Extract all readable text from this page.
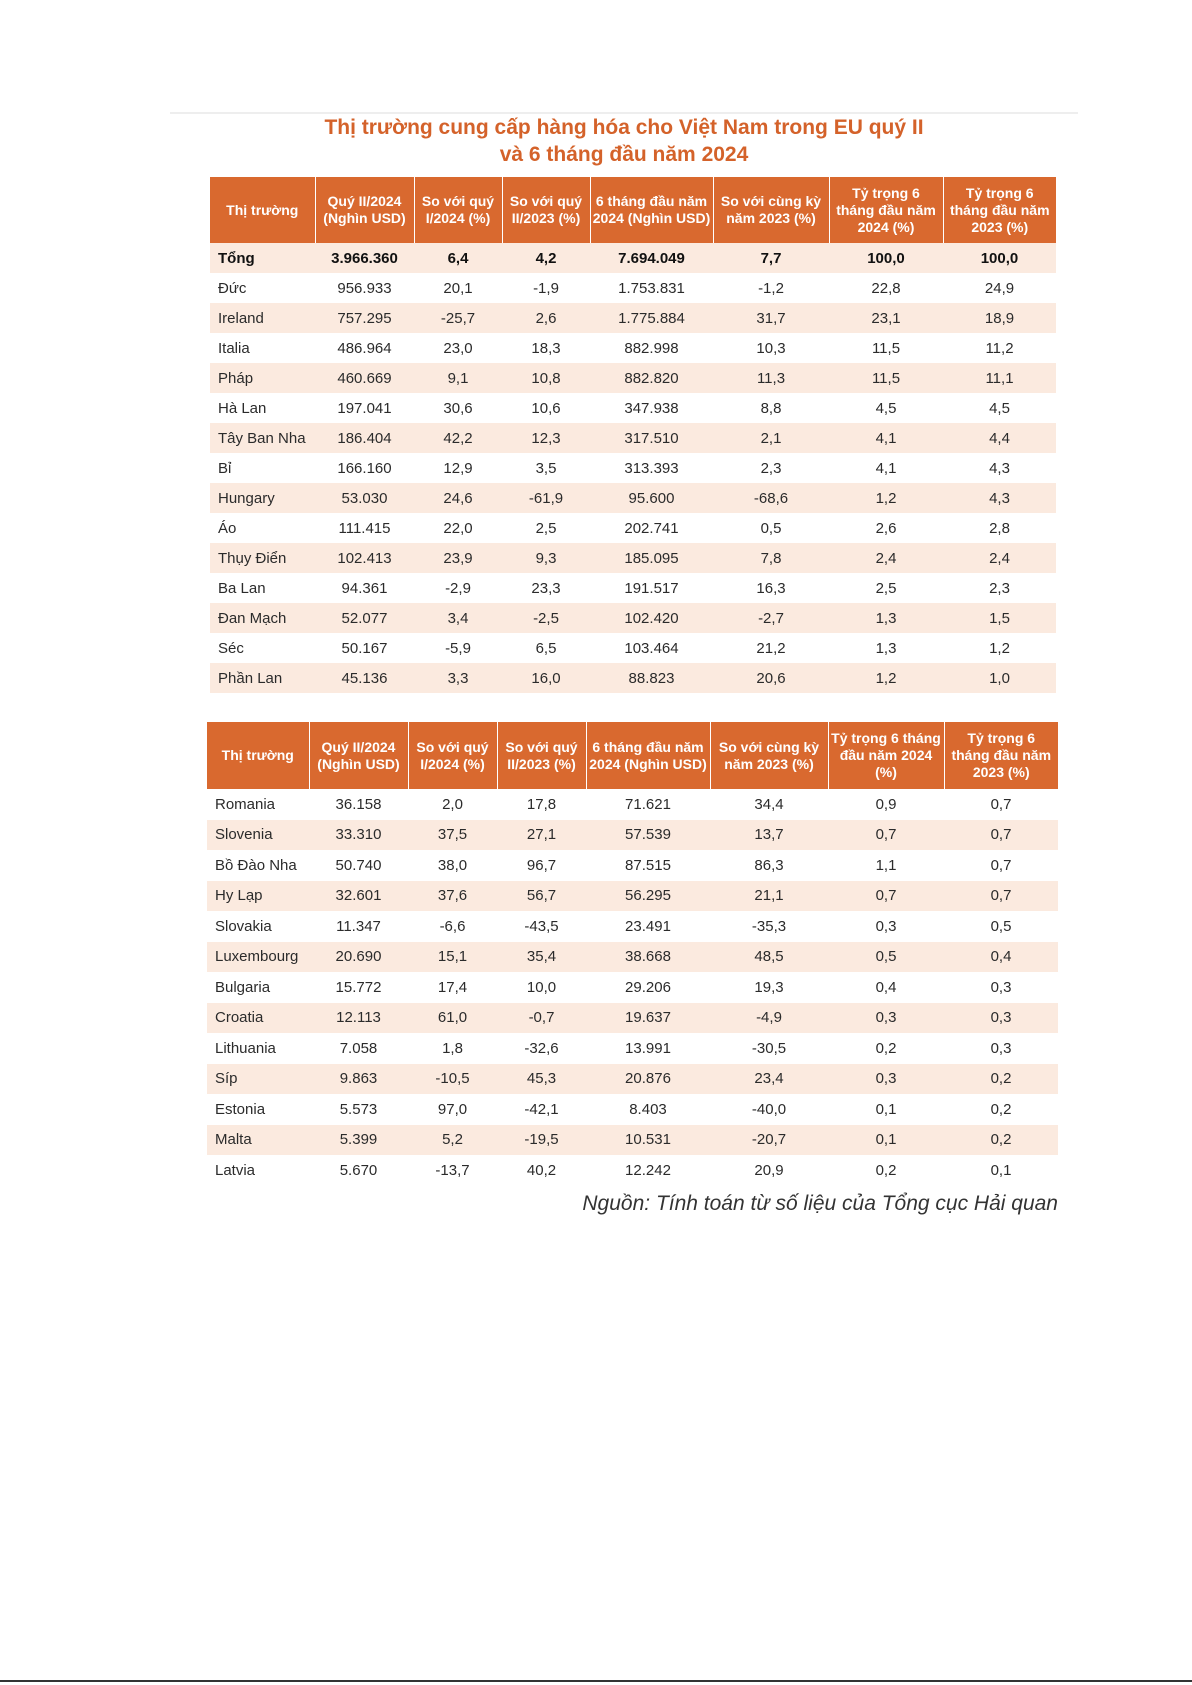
Thị trường cung cấp hàng hóa cho Việt Nam trong EU quý II
và 6 tháng đầu năm 2024
Thị trường	Quý II/2024 (Nghìn USD)	So với quý I/2024 (%)	So với quý II/2023 (%)	6 tháng đầu năm 2024 (Nghìn USD)	So với cùng kỳ năm 2023 (%)	Tỷ trọng 6 tháng đầu năm 2024 (%)	Tỷ trọng 6 tháng đầu năm 2023 (%)
Tổng	3.966.360	6,4	4,2	7.694.049	7,7	100,0	100,0
Đức	956.933	20,1	-1,9	1.753.831	-1,2	22,8	24,9
Ireland	757.295	-25,7	2,6	1.775.884	31,7	23,1	18,9
Italia	486.964	23,0	18,3	882.998	10,3	11,5	11,2
Pháp	460.669	9,1	10,8	882.820	11,3	11,5	11,1
Hà Lan	197.041	30,6	10,6	347.938	8,8	4,5	4,5
Tây Ban Nha	186.404	42,2	12,3	317.510	2,1	4,1	4,4
Bỉ	166.160	12,9	3,5	313.393	2,3	4,1	4,3
Hungary	53.030	24,6	-61,9	95.600	-68,6	1,2	4,3
Áo	111.415	22,0	2,5	202.741	0,5	2,6	2,8
Thụy Điển	102.413	23,9	9,3	185.095	7,8	2,4	2,4
Ba Lan	94.361	-2,9	23,3	191.517	16,3	2,5	2,3
Đan Mạch	52.077	3,4	-2,5	102.420	-2,7	1,3	1,5
Séc	50.167	-5,9	6,5	103.464	21,2	1,3	1,2
Phần Lan	45.136	3,3	16,0	88.823	20,6	1,2	1,0
Thị trường	Quý II/2024 (Nghìn USD)	So với quý I/2024 (%)	So với quý II/2023 (%)	6 tháng đầu năm 2024 (Nghìn USD)	So với cùng kỳ năm 2023 (%)	Tỷ trọng 6 tháng đầu năm 2024 (%)	Tỷ trọng 6 tháng đầu năm 2023 (%)
Romania	36.158	2,0	17,8	71.621	34,4	0,9	0,7
Slovenia	33.310	37,5	27,1	57.539	13,7	0,7	0,7
Bồ Đào Nha	50.740	38,0	96,7	87.515	86,3	1,1	0,7
Hy Lạp	32.601	37,6	56,7	56.295	21,1	0,7	0,7
Slovakia	11.347	-6,6	-43,5	23.491	-35,3	0,3	0,5
Luxembourg	20.690	15,1	35,4	38.668	48,5	0,5	0,4
Bulgaria	15.772	17,4	10,0	29.206	19,3	0,4	0,3
Croatia	12.113	61,0	-0,7	19.637	-4,9	0,3	0,3
Lithuania	7.058	1,8	-32,6	13.991	-30,5	0,2	0,3
Síp	9.863	-10,5	45,3	20.876	23,4	0,3	0,2
Estonia	5.573	97,0	-42,1	8.403	-40,0	0,1	0,2
Malta	5.399	5,2	-19,5	10.531	-20,7	0,1	0,2
Latvia	5.670	-13,7	40,2	12.242	20,9	0,2	0,1
Nguồn: Tính toán từ số liệu của Tổng cục Hải quan
